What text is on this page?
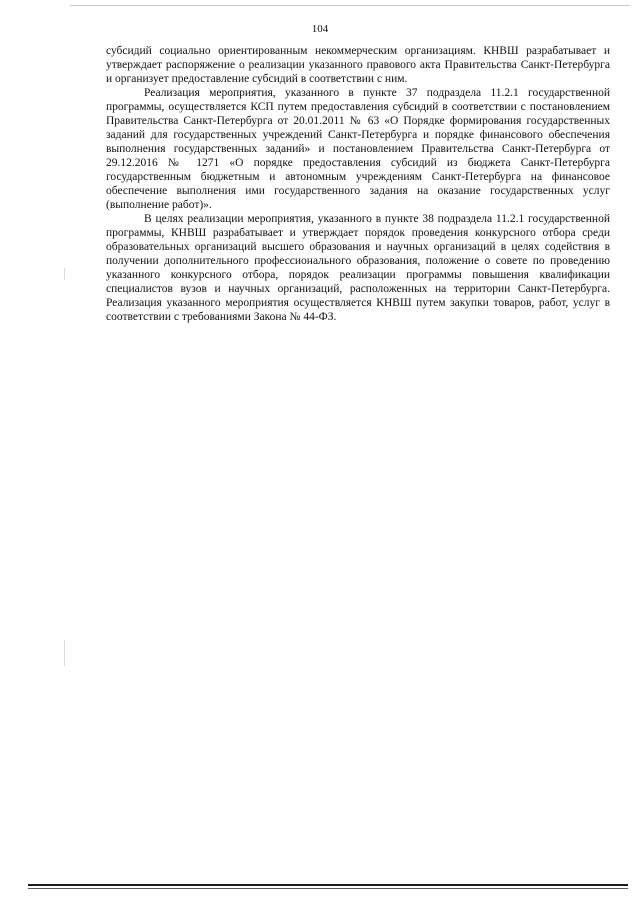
104

субсидий социально ориентированным некоммерческим организациям. КНВШ разрабатывает и утверждает распоряжение о реализации указанного правового акта Правительства Санкт-Петербурга и организует предоставление субсидий в соответствии с ним.

Реализация мероприятия, указанного в пункте 37 подраздела 11.2.1 государственной программы, осуществляется КСП путем предоставления субсидий в соответствии с постановлением Правительства Санкт-Петербурга от 20.01.2011 № 63 «О Порядке формирования государственных заданий для государственных учреждений Санкт-Петербурга и порядке финансового обеспечения выполнения государственных заданий» и постановлением Правительства Санкт-Петербурга от 29.12.2016 № 1271 «О порядке предоставления субсидий из бюджета Санкт-Петербурга государственным бюджетным и автономным учреждениям Санкт-Петербурга на финансовое обеспечение выполнения ими государственного задания на оказание государственных услуг (выполнение работ)».

В целях реализации мероприятия, указанного в пункте 38 подраздела 11.2.1 государственной программы, КНВШ разрабатывает и утверждает порядок проведения конкурсного отбора среди образовательных организаций высшего образования и научных организаций в целях содействия в получении дополнительного профессионального образования, положение о совете по проведению указанного конкурсного отбора, порядок реализации программы повышения квалификации специалистов вузов и научных организаций, расположенных на территории Санкт-Петербурга. Реализация указанного мероприятия осуществляется КНВШ путем закупки товаров, работ, услуг в соответствии с требованиями Закона № 44-ФЗ.
